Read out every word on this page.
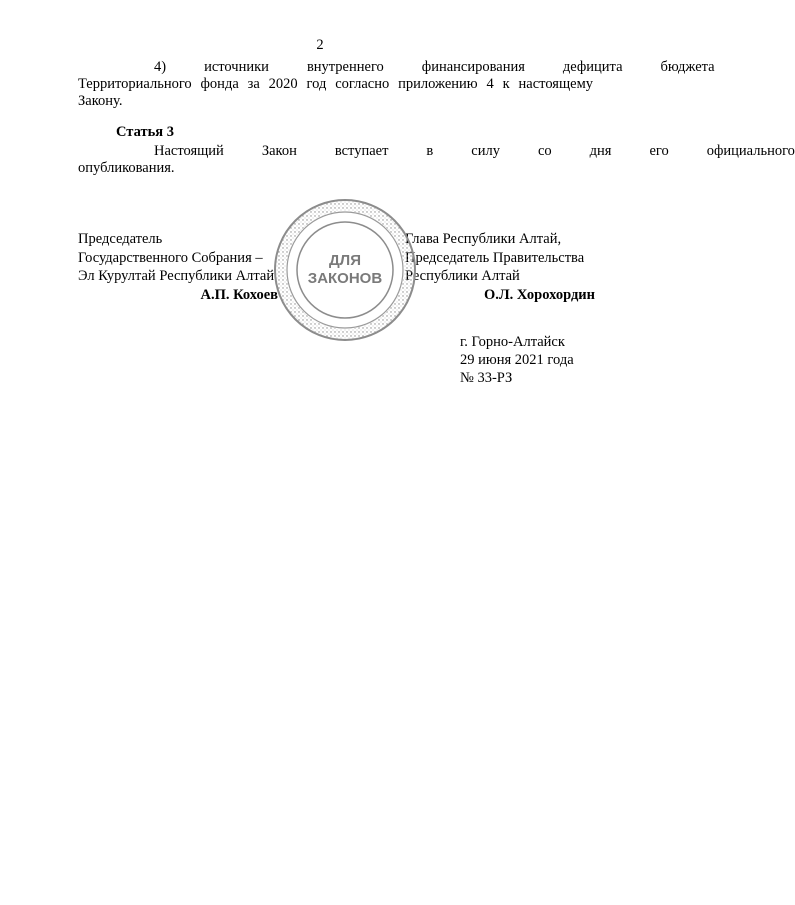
2
4)	источники	внутреннего	финансирования	дефицита	бюджета
Территориального фонда за 2020 год согласно приложению 4 к настоящему Закону.
Статья 3
Настоящий	Закон	вступает	в	силу	со	дня	его	официального
опубликования.
Председатель
Государственного Собрания –
Эл Курултай Республики Алтай
А.П. Кохоев
Глава Республики Алтай,
Председатель Правительства
Республики Алтай
О.Л. Хорохордин
ДЛЯ
ЗАКОНОВ
г. Горно-Алтайск
29 июня 2021 года
№ 33-РЗ
